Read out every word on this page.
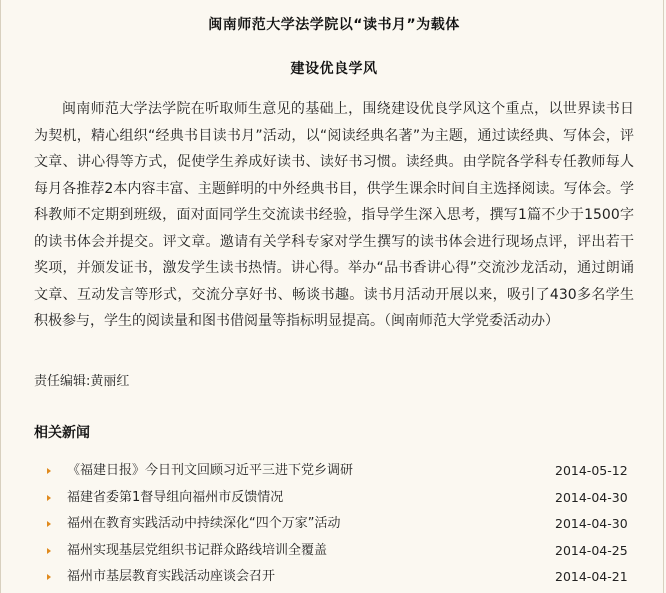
闽南师范大学法学院以“读书月”为载体
建设优良学风

闽南师范大学法学院在听取师生意见的基础上，围绕建设优良学风这个重点，以世界读书日为契机，精心组织“经典书目读书月”活动，以“阅读经典名著”为主题，通过读经典、写体会，评文章、讲心得等方式，促使学生养成好读书、读好书习惯。读经典。由学院各学科专任教师每人每月各推荐2本内容丰富、主题鲜明的中外经典书目，供学生课余时间自主选择阅读。写体会。学科教师不定期到班级，面对面同学生交流读书经验，指导学生深入思考，撰写1篇不少于1500字的读书体会并提交。评文章。邀请有关学科专家对学生撰写的读书体会进行现场点评，评出若干奖项，并颁发证书，激发学生读书热情。讲心得。举办“品书香讲心得”交流沙龙活动，通过朗诵文章、互动发言等形式，交流分享好书、畅谈书趣。读书月活动开展以来，吸引了430多名学生积极参与，学生的阅读量和图书借阅量等指标明显提高。（闽南师范大学党委活动办）

责任编辑:黄丽红
相关新闻
《福建日报》今日刊文回顾习近平三进下党乡调研	2014-05-12
福建省委第1督导组向福州市反馈情况	2014-04-30
福州在教育实践活动中持续深化“四个万家”活动	2014-04-30
福州实现基层党组织书记群众路线培训全覆盖	2014-04-25
福州市基层教育实践活动座谈会召开	2014-04-21
